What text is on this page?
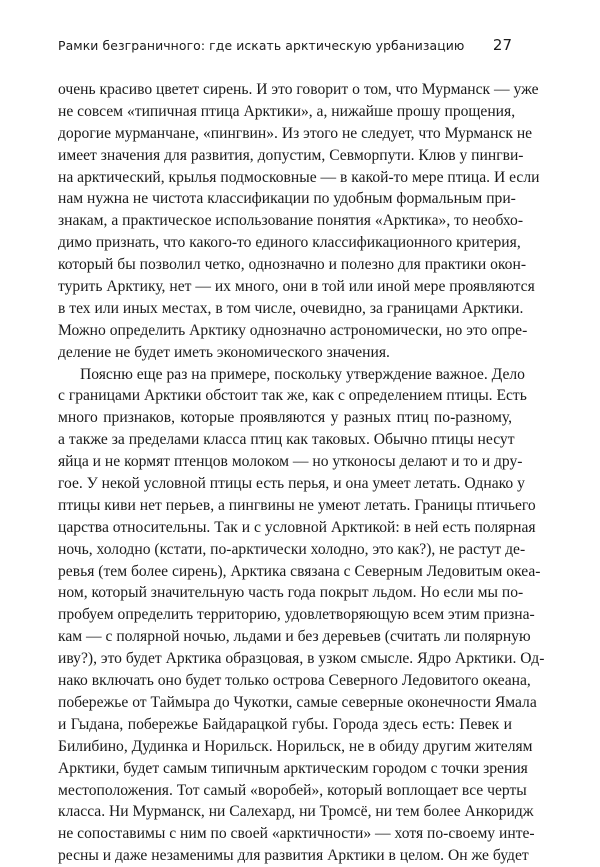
Рамки безграничного: где искать арктическую урбанизацию 27
очень красиво цветет сирень. И это говорит о том, что Мурманск — уже
не совсем «типичная птица Арктики», а, нижайше прошу прощения,
дорогие мурманчане, «пингвин». Из этого не следует, что Мурманск не
имеет значения для развития, допустим, Севморпути. Клюв у пингви-
на арктический, крылья подмосковные — в какой-то мере птица. И если
нам нужна не чистота классификации по удобным формальным при-
знакам, а практическое использование понятия «Арктика», то необхо-
димо признать, что какого-то единого классификационного критерия,
который бы позволил четко, однозначно и полезно для практики окон-
турить Арктику, нет — их много, они в той или иной мере проявляются
в тех или иных местах, в том числе, очевидно, за границами Арктики.
Можно определить Арктику однозначно астрономически, но это опре-
деление не будет иметь экономического значения.
Поясню еще раз на примере, поскольку утверждение важное. Дело
с границами Арктики обстоит так же, как с определением птицы. Есть
много признаков, которые проявляются у разных птиц по-разному,
а также за пределами класса птиц как таковых. Обычно птицы несут
яйца и не кормят птенцов молоком — но утконосы делают и то и дру-
гое. У некой условной птицы есть перья, и она умеет летать. Однако у
птицы киви нет перьев, а пингвины не умеют летать. Границы птичьего
царства относительны. Так и с условной Арктикой: в ней есть полярная
ночь, холодно (кстати, по-арктически холодно, это как?), не растут де-
ревья (тем более сирень), Арктика связана с Северным Ледовитым океа-
ном, который значительную часть года покрыт льдом. Но если мы по-
пробуем определить территорию, удовлетворяющую всем этим призна-
кам — с полярной ночью, льдами и без деревьев (считать ли полярную
иву?), это будет Арктика образцовая, в узком смысле. Ядро Арктики. Од-
нако включать оно будет только острова Северного Ледовитого океана,
побережье от Таймыра до Чукотки, самые северные оконечности Ямала
и Гыдана, побережье Байдарацкой губы. Города здесь есть: Певек и
Билибино, Дудинка и Норильск. Норильск, не в обиду другим жителям
Арктики, будет самым типичным арктическим городом с точки зрения
местоположения. Тот самый «воробей», который воплощает все черты
класса. Ни Мурманск, ни Салехард, ни Тромсё, ни тем более Анкоридж
не сопоставимы с ним по своей «арктичности» — хотя по-своему инте-
ресны и даже незаменимы для развития Арктики в целом. Он же будет
